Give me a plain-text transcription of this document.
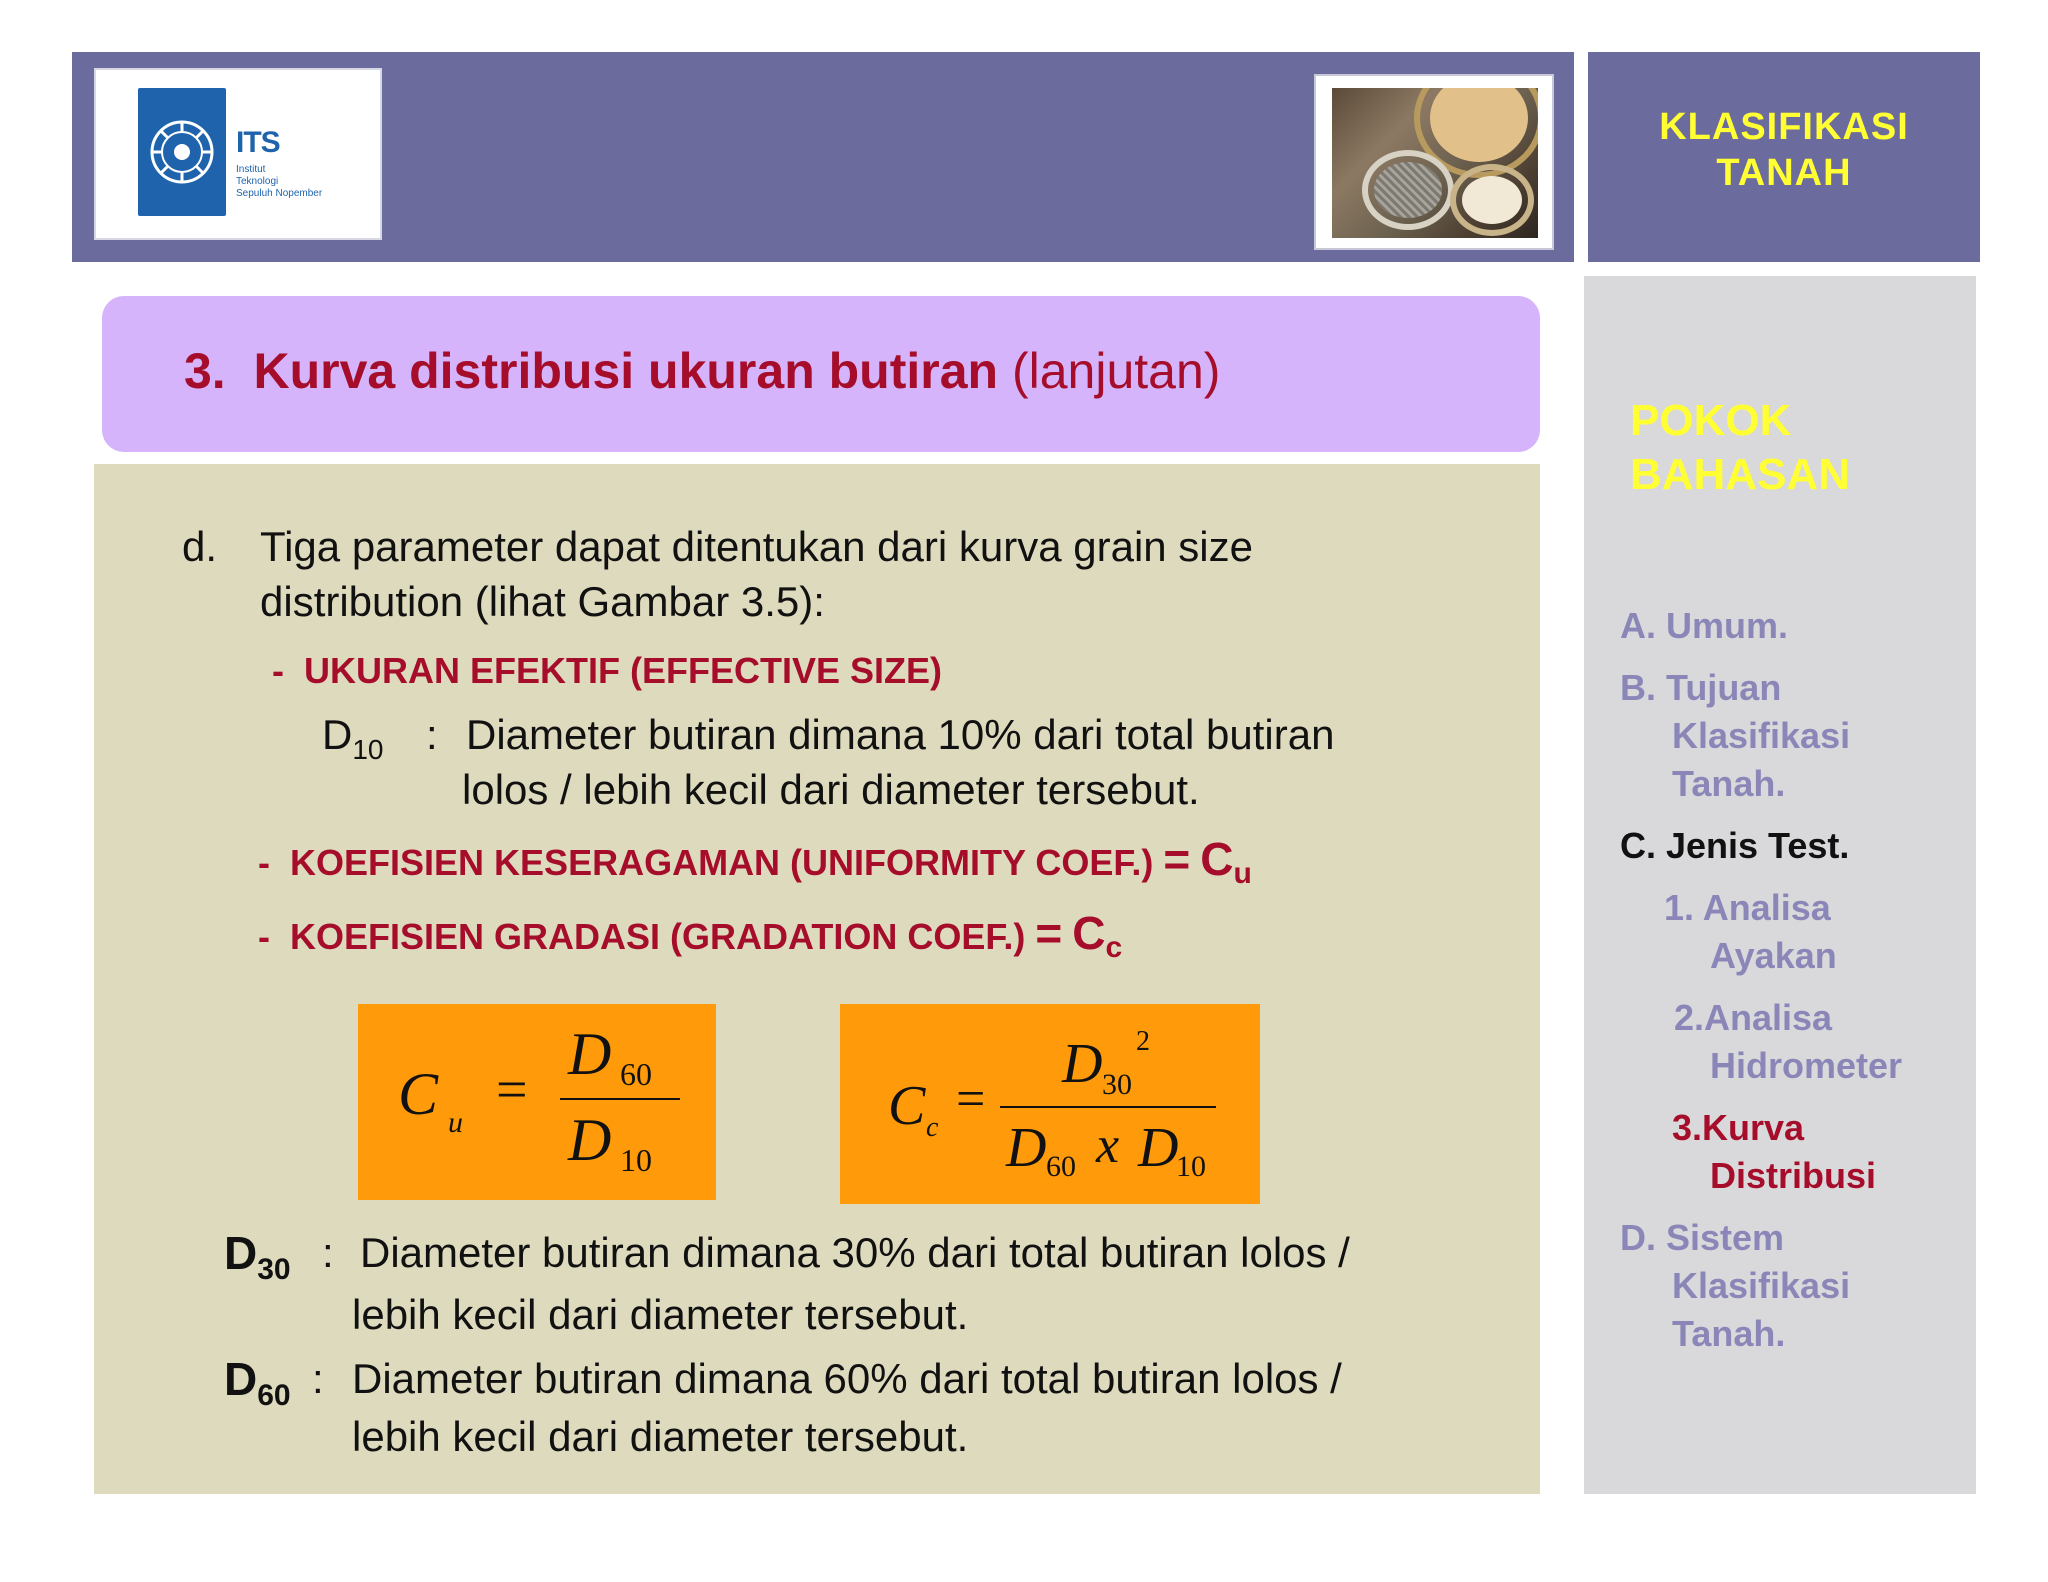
ITS
Institut
Teknologi
Sepuluh Nopember
KLASIFIKASI
TANAH
POKOK
BAHASAN
A. Umum.
B. Tujuan
Klasifikasi
Tanah.
C. Jenis Test.
1. Analisa
Ayakan
2.Analisa
Hidrometer
3.Kurva
Distribusi
D. Sistem
Klasifikasi
Tanah.
3. Kurva distribusi ukuran butiran (lanjutan)
d. Tiga parameter dapat ditentukan dari kurva grain size
distribution (lihat Gambar 3.5):
- UKURAN EFEKTIF (EFFECTIVE SIZE)
$D_{10}$ : Diameter butiran dimana 10% dari total butiran
lolos / lebih kecil dari diameter tersebut.
- KOEFISIEN KESERAGAMAN (UNIFORMITY COEF.) = $C_u$
- KOEFISIEN GRADASI (GRADATION COEF.) = $C_c$
C u
=
D 60
D 10
C c =
D 30
2
D 60 x D
10
$D_{30}$ : Diameter butiran dimana 30% dari total butiran lolos /
lebih kecil dari diameter tersebut.
$D_{60}$ : Diameter butiran dimana 60% dari total butiran lolos /
lebih kecil dari diameter tersebut.
